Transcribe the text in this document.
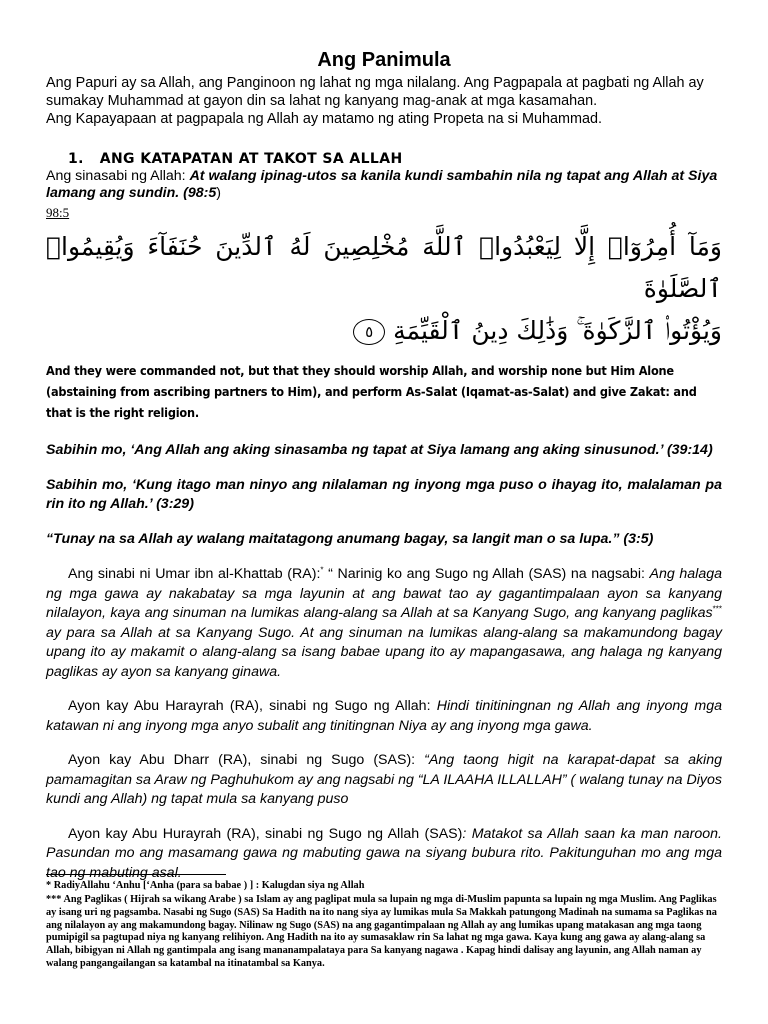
Ang Panimula

Ang Papuri ay sa Allah, ang Panginoon ng lahat ng mga nilalang. Ang Pagpapala at pagbati ng Allah ay sumakay Muhammad at gayon din sa lahat ng kanyang mag-anak at mga kasamahan.

Ang Kapayapaan at pagpapala ng Allah ay matamo ng ating Propeta na si Muhammad.

1. ANG KATAPATAN AT TAKOT SA ALLAH

Ang sinasabi ng Allah: At walang ipinag-utos sa kanila kundi sambahin nila ng tapat ang Allah at Siya lamang ang sundin. (98:5)

98:5
وَمَآ أُمِرُوٓا۟ إِلَّا لِيَعْبُدُوا۟ ٱللَّهَ مُخْلِصِينَ لَهُ ٱلدِّينَ حُنَفَآءَ وَيُقِيمُوا۟ ٱلصَّلَوٰةَ
وَيُؤْتُوا۟ ٱلزَّكَوٰةَ ۚ وَذَٰلِكَ دِينُ ٱلْقَيِّمَةِ٥

And they were commanded not, but that they should worship Allah, and worship none but Him Alone (abstaining from ascribing partners to Him), and perform As-Salat (Iqamat-as-Salat) and give Zakat: and that is the right religion.

Sabihin mo, ‘Ang Allah ang aking sinasamba ng tapat at Siya lamang ang aking sinusunod.’ (39:14)

Sabihin mo, ‘Kung itago man ninyo ang nilalaman ng inyong mga puso o ihayag ito, malalaman pa rin ito ng Allah.’ (3:29)

“Tunay na sa Allah ay walang maitatagong anumang bagay, sa langit man o sa lupa.” (3:5)

Ang sinabi ni Umar ibn al-Khattab (RA):* “ Narinig ko ang Sugo ng Allah (SAS) na nagsabi: Ang halaga ng mga gawa ay nakabatay sa mga layunin at ang bawat tao ay gagantimpalaan ayon sa kanyang nilalayon, kaya ang sinuman na lumikas alang-alang sa Allah at sa Kanyang Sugo, ang kanyang paglikas*** ay para sa Allah at sa Kanyang Sugo. At ang sinuman na lumikas alang-alang sa makamundong bagay upang ito ay makamit o alang-alang sa isang babae upang ito ay mapangasawa, ang halaga ng kanyang paglikas ay ayon sa kanyang ginawa.

Ayon kay Abu Harayrah (RA), sinabi ng Sugo ng Allah: Hindi tinitiningnan ng Allah ang inyong mga katawan ni ang inyong mga anyo subalit ang tinitingnan Niya ay ang inyong mga gawa.

Ayon kay Abu Dharr (RA), sinabi ng Sugo (SAS): “Ang taong higit na karapat-dapat sa aking pamamagitan sa Araw ng Paghuhukom ay ang nagsabi ng “LA ILAAHA ILLALLAH” ( walang tunay na Diyos kundi ang Allah) ng tapat mula sa kanyang puso

Ayon kay Abu Hurayrah (RA), sinabi ng Sugo ng Allah (SAS): Matakot sa Allah saan ka man naroon. Pasundan mo ang masamang gawa ng mabuting gawa na siyang bubura rito. Pakitunguhan mo ang mga tao ng mabuting asal.

* RadiyAllahu ‘Anhu [‘Anha (para sa babae ) ] : Kalugdan siya ng Allah
*** Ang Paglikas ( Hijrah sa wikang Arabe ) sa Islam ay ang paglipat mula sa lupain ng mga di-Muslim papunta sa lupain ng mga Muslim. Ang Paglikas ay isang uri ng pagsamba. Nasabi ng Sugo (SAS) Sa Hadith na ito nang siya ay lumikas mula Sa Makkah patungong Madinah na sumama sa Paglikas na ang nilalayon ay ang makamundong bagay. Nilinaw ng Sugo (SAS) na ang gagantimpalaan ng Allah ay ang lumikas upang matakasan ang mga taong pumipigil sa pagtupad niya ng kanyang relihiyon. Ang Hadith na ito ay sumasaklaw rin Sa lahat ng mga gawa. Kaya kung ang gawa ay alang-alang sa Allah, bibigyan ni Allah ng gantimpala ang isang mananampalataya para Sa kanyang nagawa . Kapag hindi dalisay ang layunin, ang Allah naman ay walang pangangailangan sa katambal na itinatambal sa Kanya.
